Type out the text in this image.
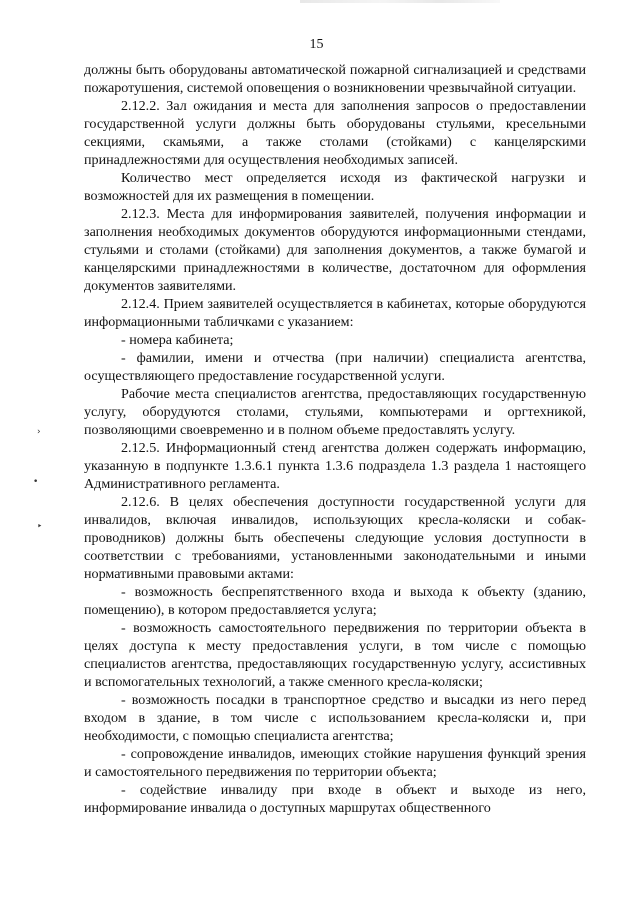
15
›
•
‣

должны быть оборудованы автоматической пожарной сигнализацией и средствами пожаротушения, системой оповещения о возникновении чрезвычайной ситуации.

2.12.2. Зал ожидания и места для заполнения запросов о предоставлении государственной услуги должны быть оборудованы стульями, кресельными секциями, скамьями, а также столами (стойками) с канцелярскими принадлежностями для осуществления необходимых записей.

Количество мест определяется исходя из фактической нагрузки и возможностей для их размещения в помещении.

2.12.3. Места для информирования заявителей, получения информации и заполнения необходимых документов оборудуются информационными стендами, стульями и столами (стойками) для заполнения документов, а также бумагой и канцелярскими принадлежностями в количестве, достаточном для оформления документов заявителями.

2.12.4. Прием заявителей осуществляется в кабинетах, которые оборудуются информационными табличками с указанием:

- номера кабинета;

- фамилии, имени и отчества (при наличии) специалиста агентства, осуществляющего предоставление государственной услуги.

Рабочие места специалистов агентства, предоставляющих государственную услугу, оборудуются столами, стульями, компьютерами и оргтехникой, позволяющими своевременно и в полном объеме предоставлять услугу.

2.12.5. Информационный стенд агентства должен содержать информацию, указанную в подпункте 1.3.6.1 пункта 1.3.6 подраздела 1.3 раздела 1 настоящего Административного регламента.

2.12.6. В целях обеспечения доступности государственной услуги для инвалидов, включая инвалидов, использующих кресла-коляски и собак-проводников) должны быть обеспечены следующие условия доступности в соответствии с требованиями, установленными законодательными и иными нормативными правовыми актами:

- возможность беспрепятственного входа и выхода к объекту (зданию, помещению), в котором предоставляется услуга;

- возможность самостоятельного передвижения по территории объекта в целях доступа к месту предоставления услуги, в том числе с помощью специалистов агентства, предоставляющих государственную услугу, ассистивных и вспомогательных технологий, а также сменного кресла-коляски;

- возможность посадки в транспортное средство и высадки из него перед входом в здание, в том числе с использованием кресла-коляски и, при необходимости, с помощью специалиста агентства;

- сопровождение инвалидов, имеющих стойкие нарушения функций зрения и самостоятельного передвижения по территории объекта;

- содействие инвалиду при входе в объект и выходе из него, информирование инвалида о доступных маршрутах общественного
